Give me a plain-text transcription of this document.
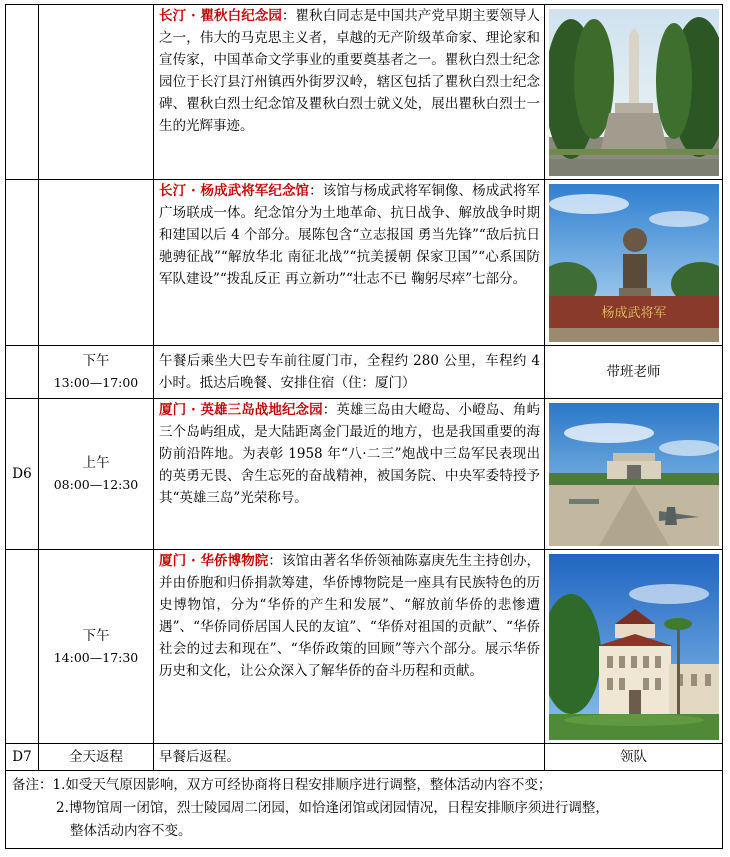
		长汀 · 瞿秋白纪念园：瞿秋白同志是中国共产党早期主要领导人之一，伟大的马克思主义者，卓越的无产阶级革命家、理论家和宣传家，中国革命文学事业的重要奠基者之一。瞿秋白烈士纪念园位于长汀县汀州镇西外街罗汉岭，辖区包括了瞿秋白烈士纪念碑、瞿秋白烈士纪念馆及瞿秋白烈士就义处，展出瞿秋白烈士一生的光辉事迹。	

		长汀 · 杨成武将军纪念馆：该馆与杨成武将军铜像、杨成武将军广场联成一体。纪念馆分为土地革命、抗日战争、解放战争时期和建国以后 4 个部分。展陈包含“立志报国 勇当先锋”“敌后抗日 驰骋征战”“解放华北 南征北战”“抗美援朝 保家卫国”“心系国防 军队建设”“拨乱反正 再立新功”“壮志不已 鞠躬尽瘁”七部分。	杨成武将军

	下午
13:00—17:00	午餐后乘坐大巴专车前往厦门市，全程约 280 公里，车程约 4 小时。抵达后晚餐、安排住宿（住：厦门）	带班老师
D6	上午
08:00—12:30	厦门 · 英雄三岛战地纪念园：英雄三岛由大嶝岛、小嶝岛、角屿三个岛屿组成，是大陆距离金门最近的地方，也是我国重要的海防前沿阵地。为表彰 1958 年“八·二三”炮战中三岛军民表现出的英勇无畏、舍生忘死的奋战精神，被国务院、中央军委特授予其“英雄三岛”光荣称号。	

	下午
14:00—17:30	厦门 · 华侨博物院：该馆由著名华侨领袖陈嘉庚先生主持创办，并由侨胞和归侨捐款筹建，华侨博物院是一座具有民族特色的历史博物馆，分为“华侨的产生和发展”、“解放前华侨的悲惨遭遇”、“华侨同侨居国人民的友谊”、“华侨对祖国的贡献”、“华侨社会的过去和现在”、“华侨政策的回顾”等六个部分。展示华侨历史和文化，让公众深入了解华侨的奋斗历程和贡献。	

D7	全天返程	早餐后返程。	领队

备注：1.如受天气原因影响，双方可经协商将日程安排顺序进行调整，整体活动内容不变；
2.博物馆周一闭馆，烈士陵园周二闭园，如恰逢闭馆或闭园情况，日程安排顺序须进行调整，
整体活动内容不变。			
